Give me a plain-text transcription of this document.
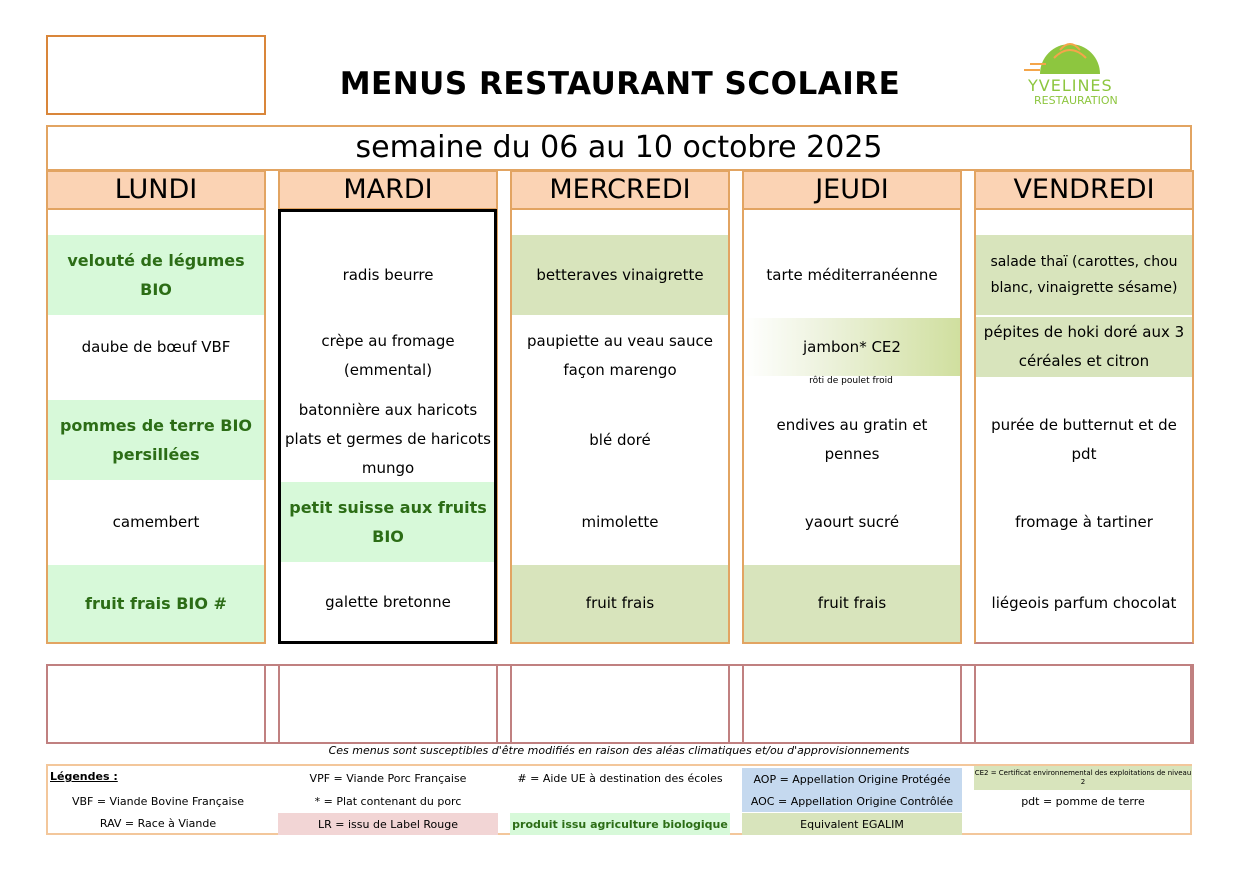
MENUS RESTAURANT SCOLAIRE	YVELINES
RESTAURATION
semaine du 06 au 10 octobre 2025
LUNDI
velouté de légumes BIO
daube de bœuf VBF
pommes de terre BIO persillées
camembert
fruit frais BIO #
MARDI
radis beurre
crèpe au fromage (emmental)
batonnière aux haricots plats et germes de haricots mungo
petit suisse aux fruits BIO
galette bretonne
MERCREDI
betteraves vinaigrette
paupiette au veau sauce façon marengo
blé doré
mimolette
fruit frais
JEUDI
tarte méditerranéenne
jambon* CE2
endives au gratin et pennes
yaourt sucré
fruit frais
VENDREDI
salade thaï (carottes, chou blanc, vinaigrette sésame)
pépites de hoki doré aux 3 céréales et citron
purée de butternut et de pdt
fromage à tartiner
liégeois parfum chocolat
rôti de poulet froid
Ces menus sont susceptibles d'être modifiés en raison des aléas climatiques et/ou d'approvisionnements
Légendes :
VBF = Viande Bovine Française
RAV = Race à Viande
VPF = Viande Porc Française
* = Plat contenant du porc
LR = issu de Label Rouge
# = Aide UE à destination des écoles
produit issu agriculture biologique
AOP = Appellation Origine Protégée
AOC = Appellation Origine Contrôlée
Equivalent EGALIM
CE2 = Certificat environnemental des exploitations de niveau 2
pdt = pomme de terre
